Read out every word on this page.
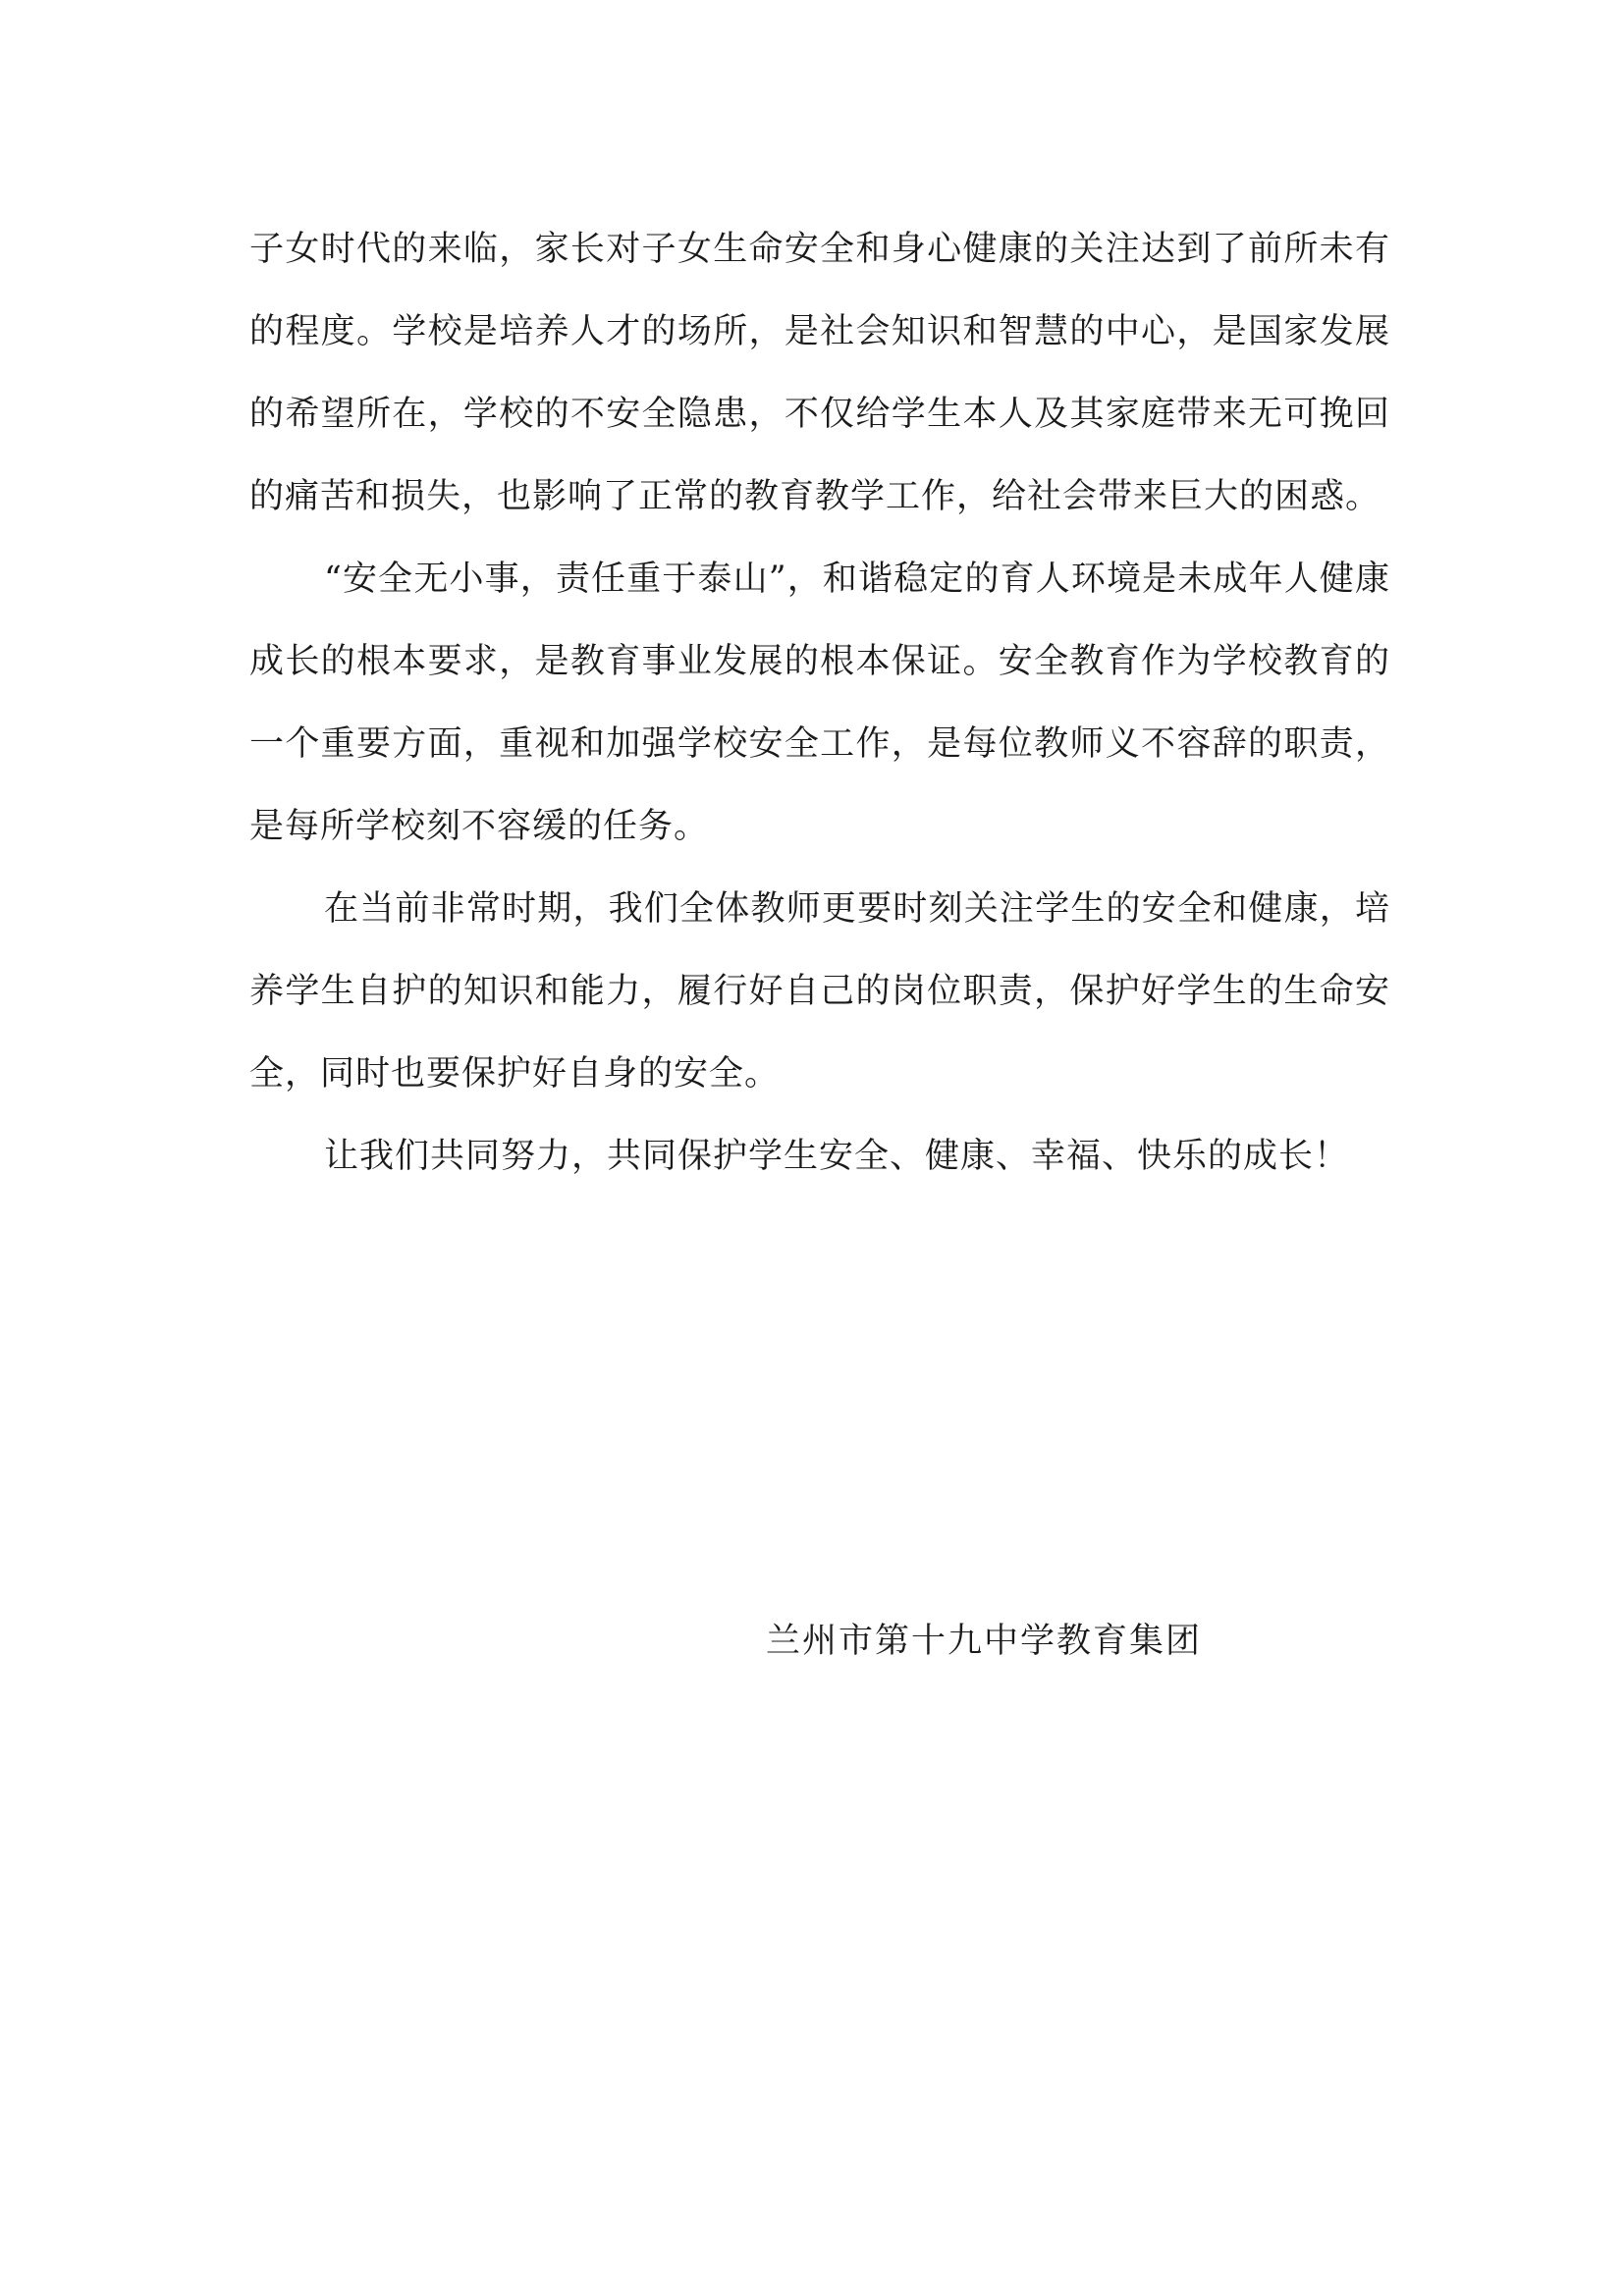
子女时代的来临，家长对子女生命安全和身心健康的关注达到了前所未有的程度。学校是培养人才的场所，是社会知识和智慧的中心，是国家发展的希望所在，学校的不安全隐患，不仅给学生本人及其家庭带来无可挽回的痛苦和损失，也影响了正常的教育教学工作，给社会带来巨大的困惑。

“安全无小事，责任重于泰山”，和谐稳定的育人环境是未成年人健康成长的根本要求，是教育事业发展的根本保证。安全教育作为学校教育的一个重要方面，重视和加强学校安全工作，是每位教师义不容辞的职责，是每所学校刻不容缓的任务。

在当前非常时期，我们全体教师更要时刻关注学生的安全和健康，培养学生自护的知识和能力，履行好自己的岗位职责，保护好学生的生命安全，同时也要保护好自身的安全。

让我们共同努力，共同保护学生安全、健康、幸福、快乐的成长！

兰州市第十九中学教育集团
